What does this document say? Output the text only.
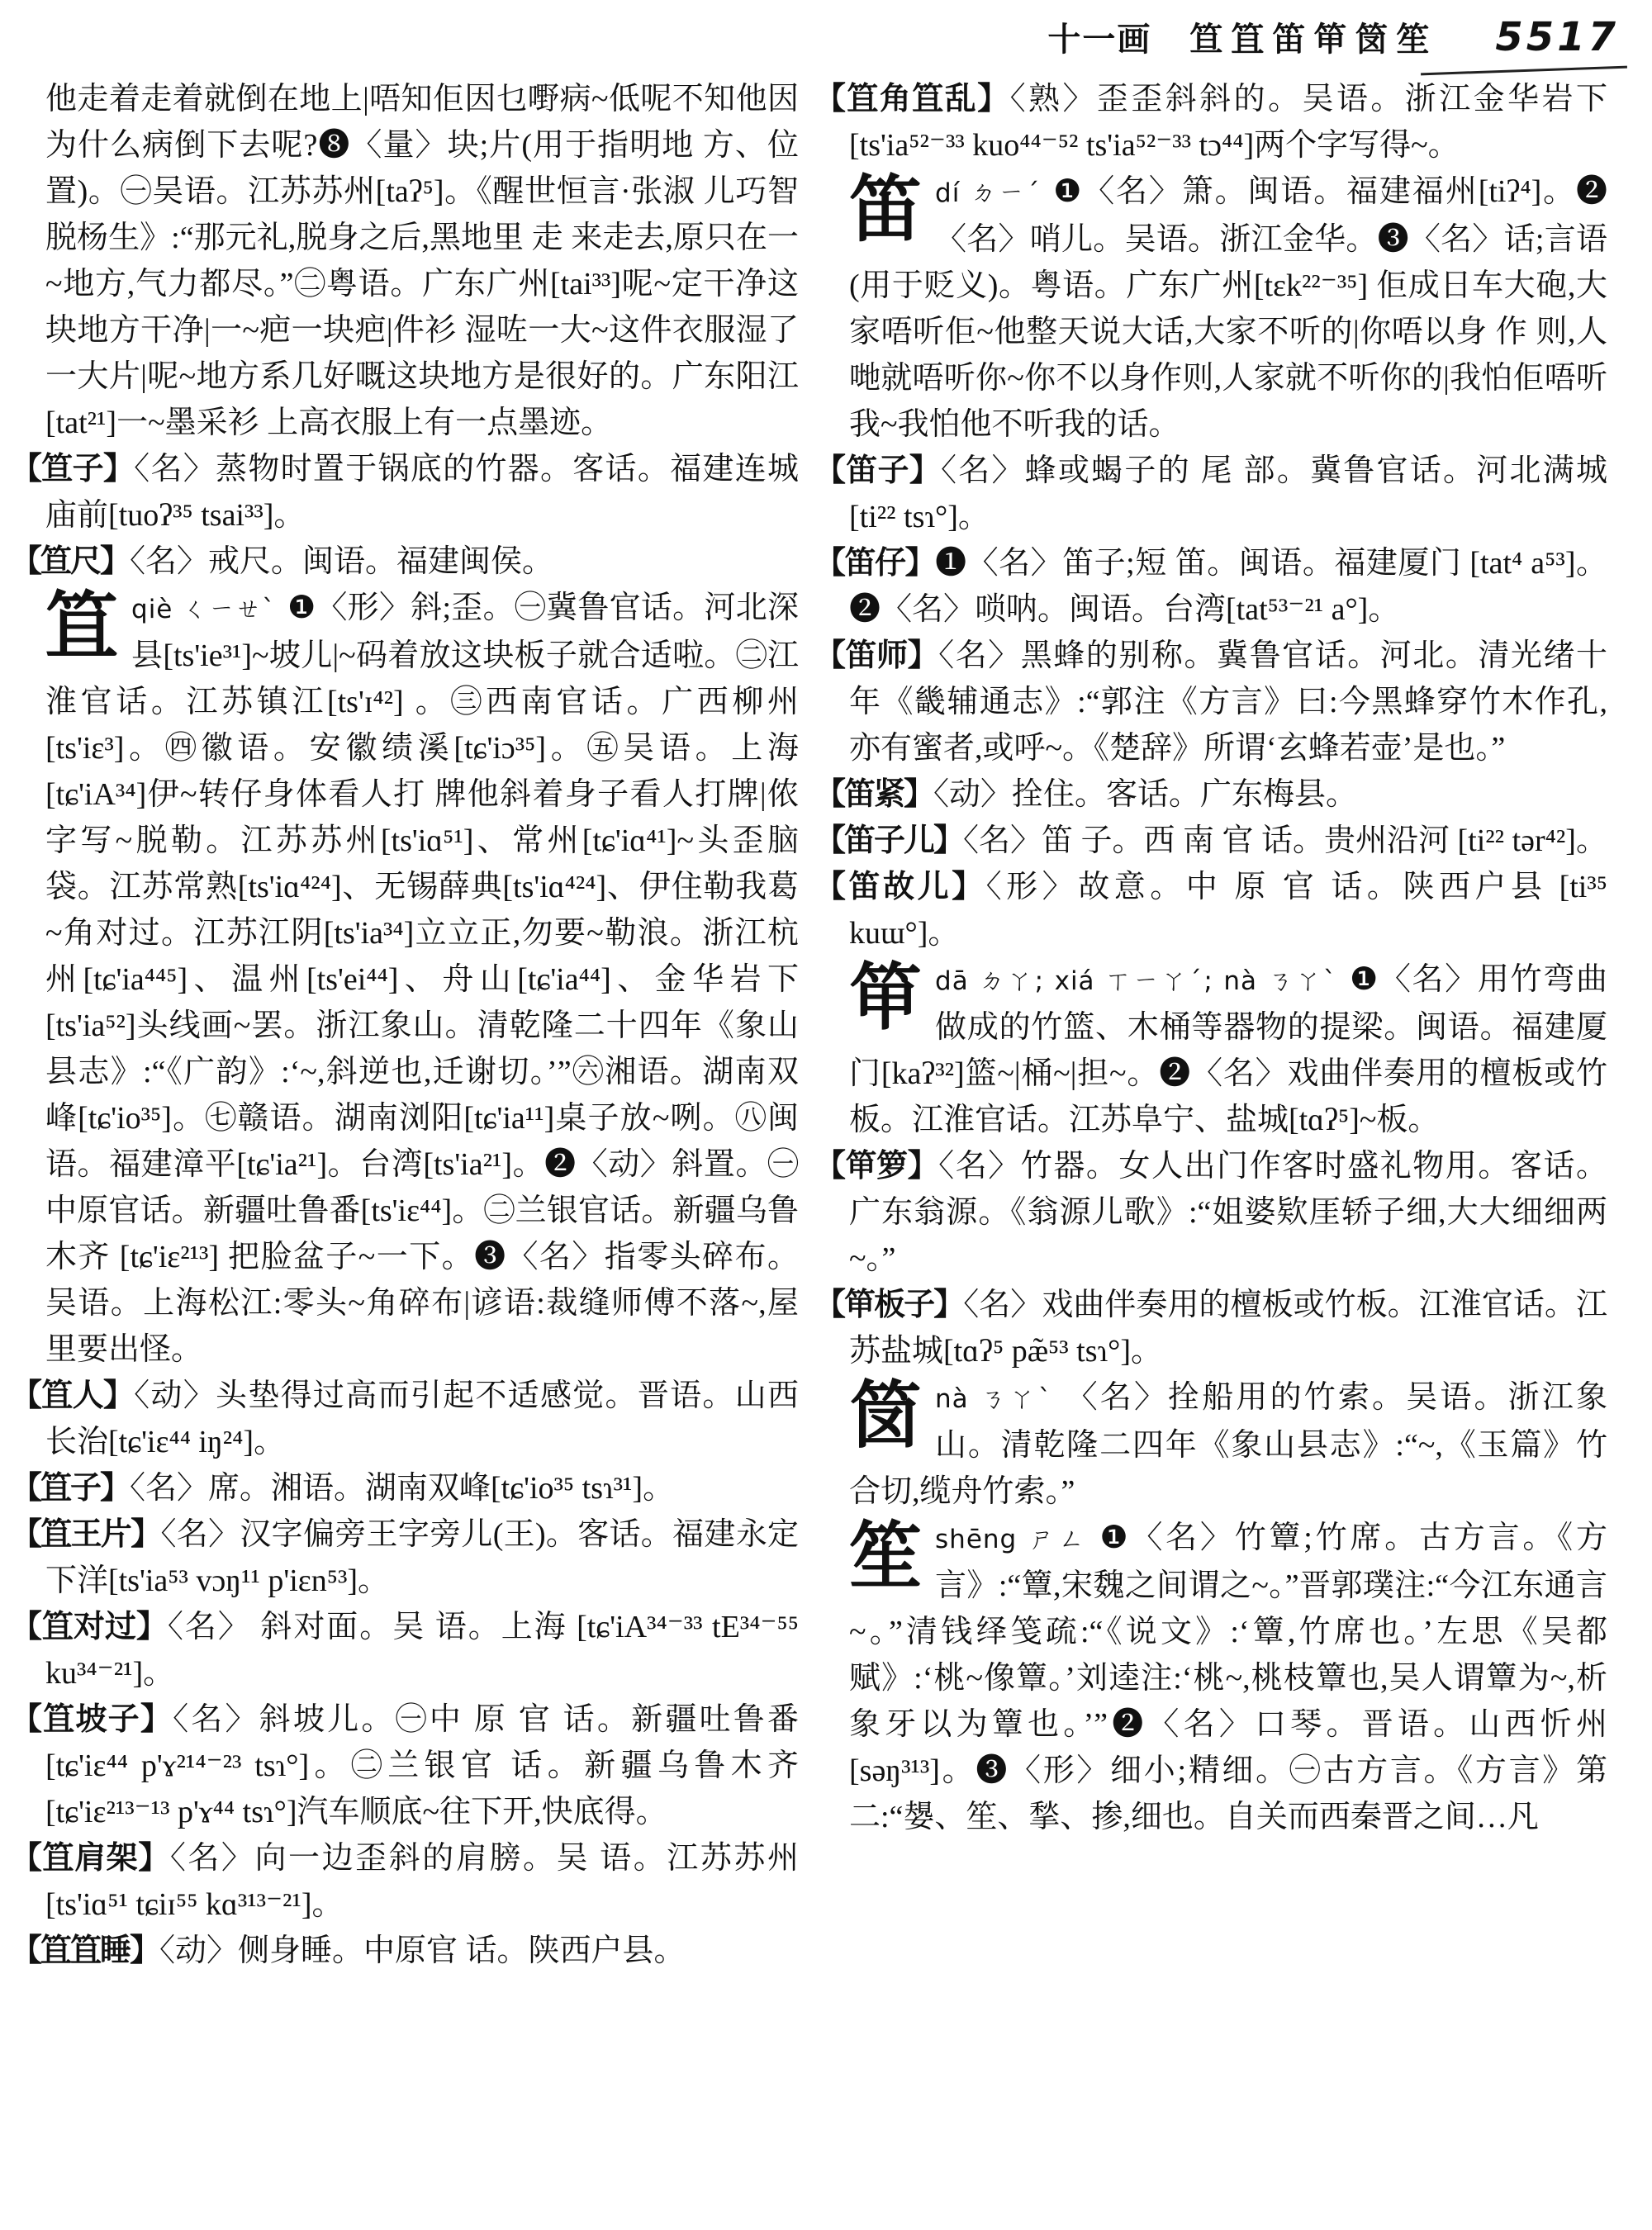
十一画 笪笡笛笚笝笙 5517

他走着走着就倒在地上|唔知佢因乜嘢病~低呢不知他因为什么病倒下去呢?❽〈量〉块;片(用于指明地 方、位置)。㊀吴语。江苏苏州[taʔ⁵]。《醒世恒言·张淑 儿巧智脱杨生》:“那元礼,脱身之后,黑地里 走 来走去,原只在一~地方,气力都尽。”㊁粤语。广东广州[tai³³]呢~定干净这块地方干净|一~疤一块疤|件衫 湿咗一大~这件衣服湿了一大片|呢~地方系几好嘅这块地方是很好的。广东阳江[tat²¹]一~墨采衫 上高衣服上有一点墨迹。

【笪子】〈名〉蒸物时置于锅底的竹器。客话。福建连城庙前[tuoʔ³⁵ tsai³³]。

【笪尺】〈名〉戒尺。闽语。福建闽侯。

笡qiè ㄑㄧㄝˋ ❶〈形〉斜;歪。㊀冀鲁官话。河北深县[ts'ie³¹]~坡儿|~码着放这块板子就合适啦。㊁江淮官话。江苏镇江[ts'ɪ⁴²] 。㊂西南官话。广西柳州[ts'iɛ³]。㊃徽语。安徽绩溪[tɕ'iɔ³⁵]。㊄吴语。上海[tɕ'iA³⁴]伊~转仔身体看人打 牌他斜着身子看人打牌|侬字写~脱勒。江苏苏州[ts'iɑ⁵¹]、常州[tɕ'iɑ⁴¹]~头歪脑袋。江苏常熟[ts'iɑ⁴²⁴]、无锡薛典[ts'iɑ⁴²⁴]、伊住勒我葛~角对过。江苏江阴[ts'ia³⁴]立立正,勿要~勒浪。浙江杭州[tɕ'ia⁴⁴⁵]、温州[ts'ei⁴⁴]、舟山[tɕ'ia⁴⁴]、金华岩下[ts'ia⁵²]头线画~罢。浙江象山。清乾隆二十四年《象山县志》:“《广韵》:‘~,斜逆也,迁谢切。’”㊅湘语。湖南双峰[tɕ'io³⁵]。㊆赣语。湖南浏阳[tɕ'ia¹¹]桌子放~咧。㊇闽语。福建漳平[tɕ'ia²¹]。台湾[ts'ia²¹]。❷〈动〉斜置。㊀中原官话。新疆吐鲁番[ts'iɛ⁴⁴]。㊁兰银官话。新疆乌鲁木齐 [tɕ'iɛ²¹³] 把脸盆子~一下。❸〈名〉指零头碎布。吴语。上海松江:零头~角碎布|谚语:裁缝师傅不落~,屋里要出怪。

【笡人】〈动〉头垫得过高而引起不适感觉。晋语。山西长治[tɕ'iɛ⁴⁴ iŋ²⁴]。

【笡子】〈名〉席。湘语。湖南双峰[tɕ'io³⁵ tsɿ³¹]。

【笡王片】〈名〉汉字偏旁王字旁儿(王)。客话。福建永定下洋[ts'ia⁵³ vɔŋ¹¹ p'iɛn⁵³]。

【笡对过】〈名〉 斜对面。吴 语。上海 [tɕ'iA³⁴⁻³³ tE³⁴⁻⁵⁵ ku³⁴⁻²¹]。

【笡坡子】〈名〉斜坡儿。㊀中 原 官 话。新疆吐鲁番[tɕ'iɛ⁴⁴ p'ɤ²¹⁴⁻²³ tsɿ°]。㊁兰银官 话。新疆乌鲁木齐[tɕ'iɛ²¹³⁻¹³ p'ɤ⁴⁴ tsɿ°]汽车顺底~往下开,快底得。

【笡肩架】〈名〉向一边歪斜的肩膀。吴 语。江苏苏州[ts'iɑ⁵¹ tɕiɪ⁵⁵ kɑ³¹³⁻²¹]。

【笡笡睡】〈动〉侧身睡。中原官 话。陕西户县。

【笡角笡乱】〈熟〉歪歪斜斜的。吴语。浙江金华岩下[ts'ia⁵²⁻³³ kuo⁴⁴⁻⁵² ts'ia⁵²⁻³³ tɔ⁴⁴]两个字写得~。

笛dí ㄉㄧˊ ❶〈名〉箫。闽语。福建福州[tiʔ⁴]。❷〈名〉哨儿。吴语。浙江金华。❸〈名〉话;言语(用于贬义)。粤语。广东广州[tɛk²²⁻³⁵] 佢成日车大砲,大家唔听佢~他整天说大话,大家不听的|你唔以身 作 则,人哋就唔听你~你不以身作则,人家就不听你的|我怕佢唔听我~我怕他不听我的话。

【笛子】〈名〉蜂或蝎子的 尾 部。冀鲁官话。河北满城[ti²² tsɿ°]。

【笛仔】❶〈名〉笛子;短 笛。闽语。福建厦门 [tat⁴ a⁵³]。❷〈名〉唢呐。闽语。台湾[tat⁵³⁻²¹ a°]。

【笛师】〈名〉黑蜂的别称。冀鲁官话。河北。清光绪十年《畿辅通志》:“郭注《方言》曰:今黑蜂穿竹木作孔,亦有蜜者,或呼~。《楚辞》所谓‘玄蜂若壶’是也。”

【笛紧】〈动〉拴住。客话。广东梅县。

【笛子儿】〈名〉笛 子。西 南 官 话。贵州沿河 [ti²² tər⁴²]。

【笛故儿】〈形〉故意。中 原 官 话。陕西户县 [ti³⁵ kuɯ°]。

笚dā ㄉㄚ; xiá ㄒㄧㄚˊ; nà ㄋㄚˋ ❶〈名〉用竹弯曲做成的竹篮、木桶等器物的提梁。闽语。福建厦门[kaʔ³²]篮~|桶~|担~。❷〈名〉戏曲伴奏用的檀板或竹板。江淮官话。江苏阜宁、盐城[tɑʔ⁵]~板。

【笚箩】〈名〉竹器。女人出门作客时盛礼物用。客话。广东翁源。《翁源儿歌》:“姐婆欵厓轿子细,大大细细两~。”

【笚板子】〈名〉戏曲伴奏用的檀板或竹板。江淮官话。江苏盐城[tɑʔ⁵ pæ̃⁵³ tsɿ°]。

笝nà ㄋㄚˋ 〈名〉拴船用的竹索。吴语。浙江象山。清乾隆二四年《象山县志》:“~,《玉篇》竹合切,缆舟竹索。”

笙shēng ㄕㄥ ❶〈名〉竹簟;竹席。古方言。《方言》:“簟,宋魏之间谓之~。”晋郭璞注:“今江东通言~。”清钱绎笺疏:“《说文》:‘簟,竹席也。’左思《吴都赋》:‘桃~像簟。’刘逵注:‘桃~,桃枝簟也,吴人谓簟为~,析象牙以为簟也。’”❷〈名〉口琴。晋语。山西忻州[səŋ³¹³]。❸〈形〉细小;精细。㊀古方言。《方言》第二:“嫢、笙、揫、掺,细也。自关而西秦晋之间…凡
